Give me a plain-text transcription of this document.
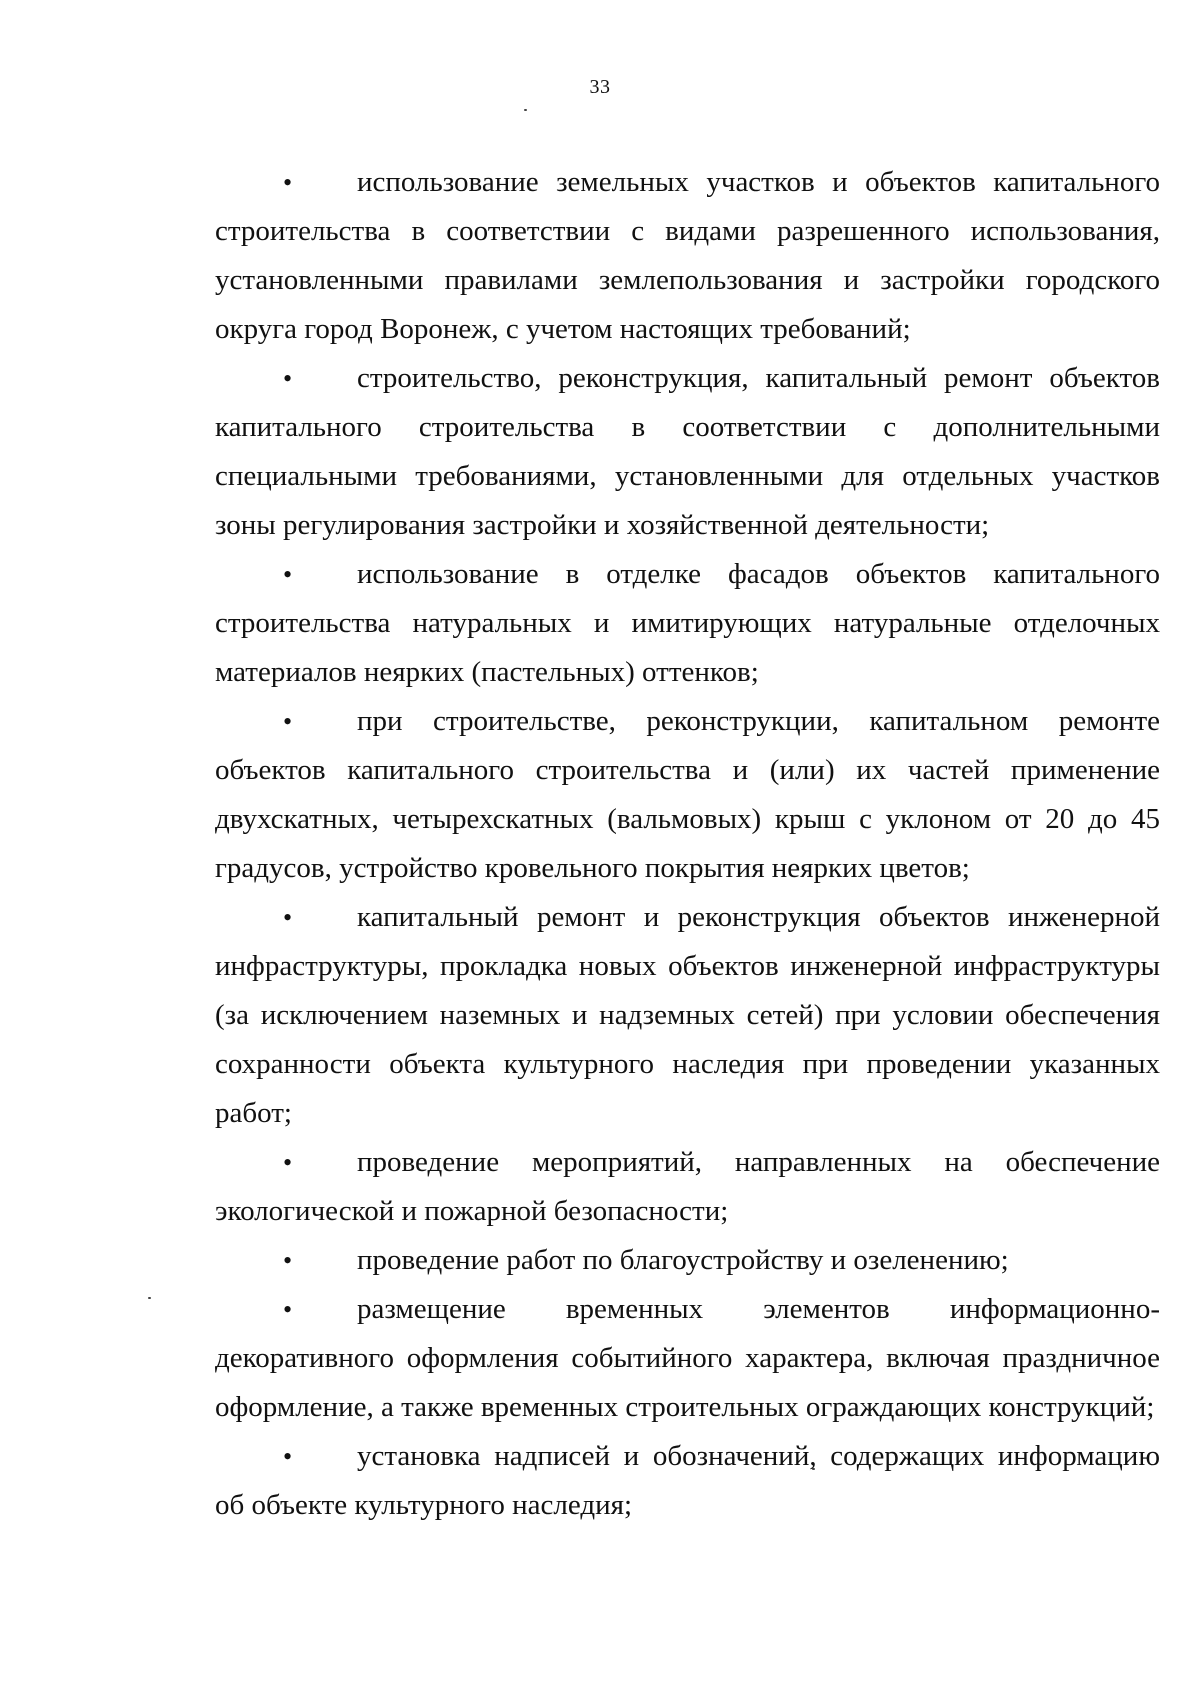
33

• использование земельных участков и объектов капитального строительства в соответствии с видами разрешенного использования, установленными правилами землепользования и застройки городского округа город Воронеж, с учетом настоящих требований;

• строительство, реконструкция, капитальный ремонт объектов капитального строительства в соответствии с дополнительными специальными требованиями, установленными для отдельных участков зоны регулирования застройки и хозяйственной деятельности;

• использование в отделке фасадов объектов капитального строительства натуральных и имитирующих натуральные отделочных материалов неярких (пастельных) оттенков;

• при строительстве, реконструкции, капитальном ремонте объектов капитального строительства и (или) их частей применение двухскатных, четырехскатных (вальмовых) крыш с уклоном от 20 до 45 градусов, устройство кровельного покрытия неярких цветов;

• капитальный ремонт и реконструкция объектов инженерной инфраструктуры, прокладка новых объектов инженерной инфраструктуры (за исключением наземных и надземных сетей) при условии обеспечения сохранности объекта культурного наследия при проведении указанных работ;

• проведение мероприятий, направленных на обеспечение экологической и пожарной безопасности;

• проведение работ по благоустройству и озеленению;

• размещение временных элементов информационно-декоративного оформления событийного характера, включая праздничное оформление, а также временных строительных ограждающих конструкций;

• установка надписей и обозначений, содержащих информацию об объекте культурного наследия;
